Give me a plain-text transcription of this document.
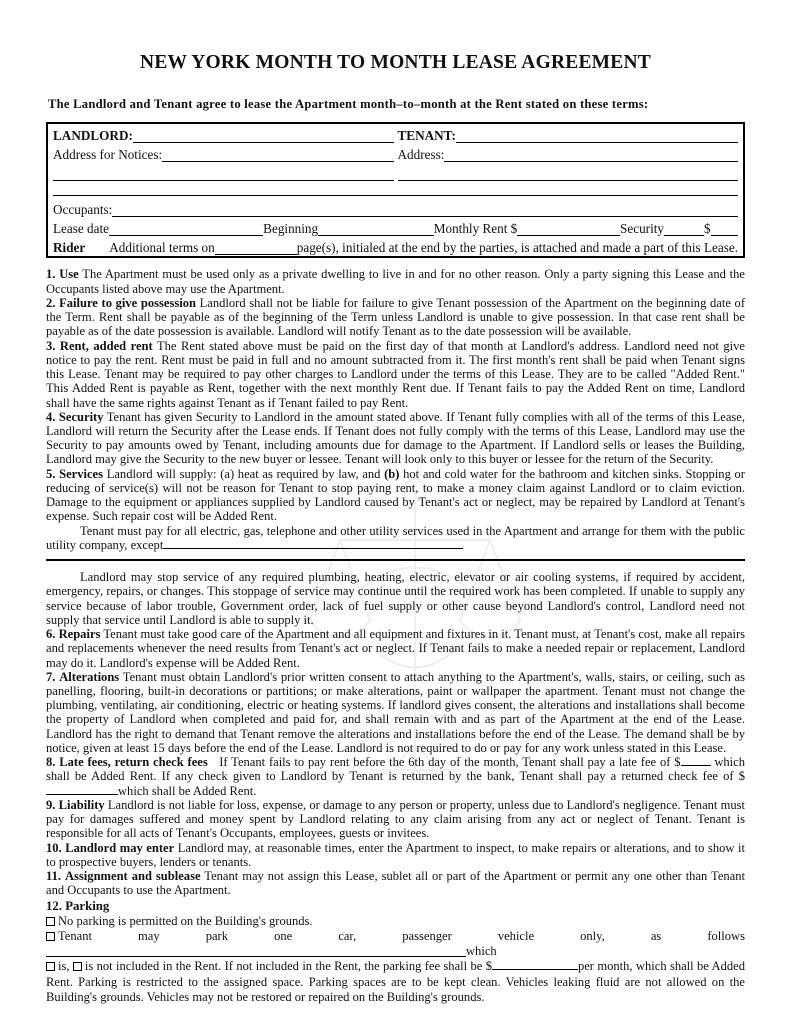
NEW YORK MONTH TO MONTH LEASE AGREEMENT
The Landlord and Tenant agree to lease the Apartment month–to–month at the Rent stated on these terms:
LANDLORD:	TENANT:
Address for Notices:	Address:
Occupants:
Lease date	Beginning	Monthly Rent $	Security	$
Rider	Additional terms on	page(s), initialed at the end by the parties, is attached and made a part of this Lease.

1. Use The Apartment must be used only as a private dwelling to live in and for no other reason. Only a party signing this Lease and the Occupants listed above may use the Apartment.

2. Failure to give possession Landlord shall not be liable for failure to give Tenant possession of the Apartment on the beginning date of the Term. Rent shall be payable as of the beginning of the Term unless Landlord is unable to give possession. In that case rent shall be payable as of the date possession is available. Landlord will notify Tenant as to the date possession will be available.

3. Rent, added rent The Rent stated above must be paid on the first day of that month at Landlord's address. Landlord need not give notice to pay the rent. Rent must be paid in full and no amount subtracted from it. The first month's rent shall be paid when Tenant signs this Lease. Tenant may be required to pay other charges to Landlord under the terms of this Lease. They are to be called "Added Rent." This Added Rent is payable as Rent, together with the next monthly Rent due. If Tenant fails to pay the Added Rent on time, Landlord shall have the same rights against Tenant as if Tenant failed to pay Rent.

4. Security Tenant has given Security to Landlord in the amount stated above. If Tenant fully complies with all of the terms of this Lease, Landlord will return the Security after the Lease ends. If Tenant does not fully comply with the terms of this Lease, Landlord may use the Security to pay amounts owed by Tenant, including amounts due for damage to the Apartment. If Landlord sells or leases the Building, Landlord may give the Security to the new buyer or lessee. Tenant will look only to this buyer or lessee for the return of the Security.

5. Services Landlord will supply: (a) heat as required by law, and (b) hot and cold water for the bathroom and kitchen sinks. Stopping or reducing of service(s) will not be reason for Tenant to stop paying rent, to make a money claim against Landlord or to claim eviction. Damage to the equipment or appliances supplied by Landlord caused by Tenant's act or neglect, may be repaired by Landlord at Tenant's expense. Such repair cost will be Added Rent.

Tenant must pay for all electric, gas, telephone and other utility services used in the Apartment and arrange for them with the public utility company, except

Landlord may stop service of any required plumbing, heating, electric, elevator or air cooling systems, if required by accident, emergency, repairs, or changes. This stoppage of service may continue until the required work has been completed. If unable to supply any service because of labor trouble, Government order, lack of fuel supply or other cause beyond Landlord's control, Landlord need not supply that service until Landlord is able to supply it.

6. Repairs Tenant must take good care of the Apartment and all equipment and fixtures in it. Tenant must, at Tenant's cost, make all repairs and replacements whenever the need results from Tenant's act or neglect. If Tenant fails to make a needed repair or replacement, Landlord may do it. Landlord's expense will be Added Rent.

7. Alterations Tenant must obtain Landlord's prior written consent to attach anything to the Apartment's, walls, stairs, or ceiling, such as panelling, flooring, built-in decorations or partitions; or make alterations, paint or wallpaper the apartment. Tenant must not change the plumbing, ventilating, air conditioning, electric or heating systems. If landlord gives consent, the alterations and installations shall become the property of Landlord when completed and paid for, and shall remain with and as part of the Apartment at the end of the Lease. Landlord has the right to demand that Tenant remove the alterations and installations before the end of the Lease. The demand shall be by notice, given at least 15 days before the end of the Lease. Landlord is not required to do or pay for any work unless stated in this Lease.

8. Late fees, return check fees If Tenant fails to pay rent before the 6th day of the month, Tenant shall pay a late fee of $	which shall be Added Rent. If any check given to Landlord by Tenant is returned by the bank, Tenant shall pay a returned check fee of $which shall be Added Rent.

9. Liability Landlord is not liable for loss, expense, or damage to any person or property, unless due to Landlord's negligence. Tenant must pay for damages suffered and money spent by Landlord relating to any claim arising from any act or neglect of Tenant. Tenant is responsible for all acts of Tenant's Occupants, employees, guests or invitees.

10. Landlord may enter Landlord may, at reasonable times, enter the Apartment to inspect, to make repairs or alterations, and to show it to prospective buyers, lenders or tenants.

11. Assignment and sublease Tenant may not assign this Lease, sublet all or part of the Apartment or permit any one other than Tenant and Occupants to use the Apartment.

12. Parking
No parking is permitted on the Building's grounds.
Tenant may park one car, passenger vehicle only, as followswhich
is, is not included in the Rent. If not included in the Rent, the parking fee shall be $	per month, which shall be Added Rent. Parking is restricted to the assigned space. Parking spaces are to be kept clean. Vehicles leaking fluid are not allowed on the Building's grounds. Vehicles may not be restored or repaired on the Building's grounds.
